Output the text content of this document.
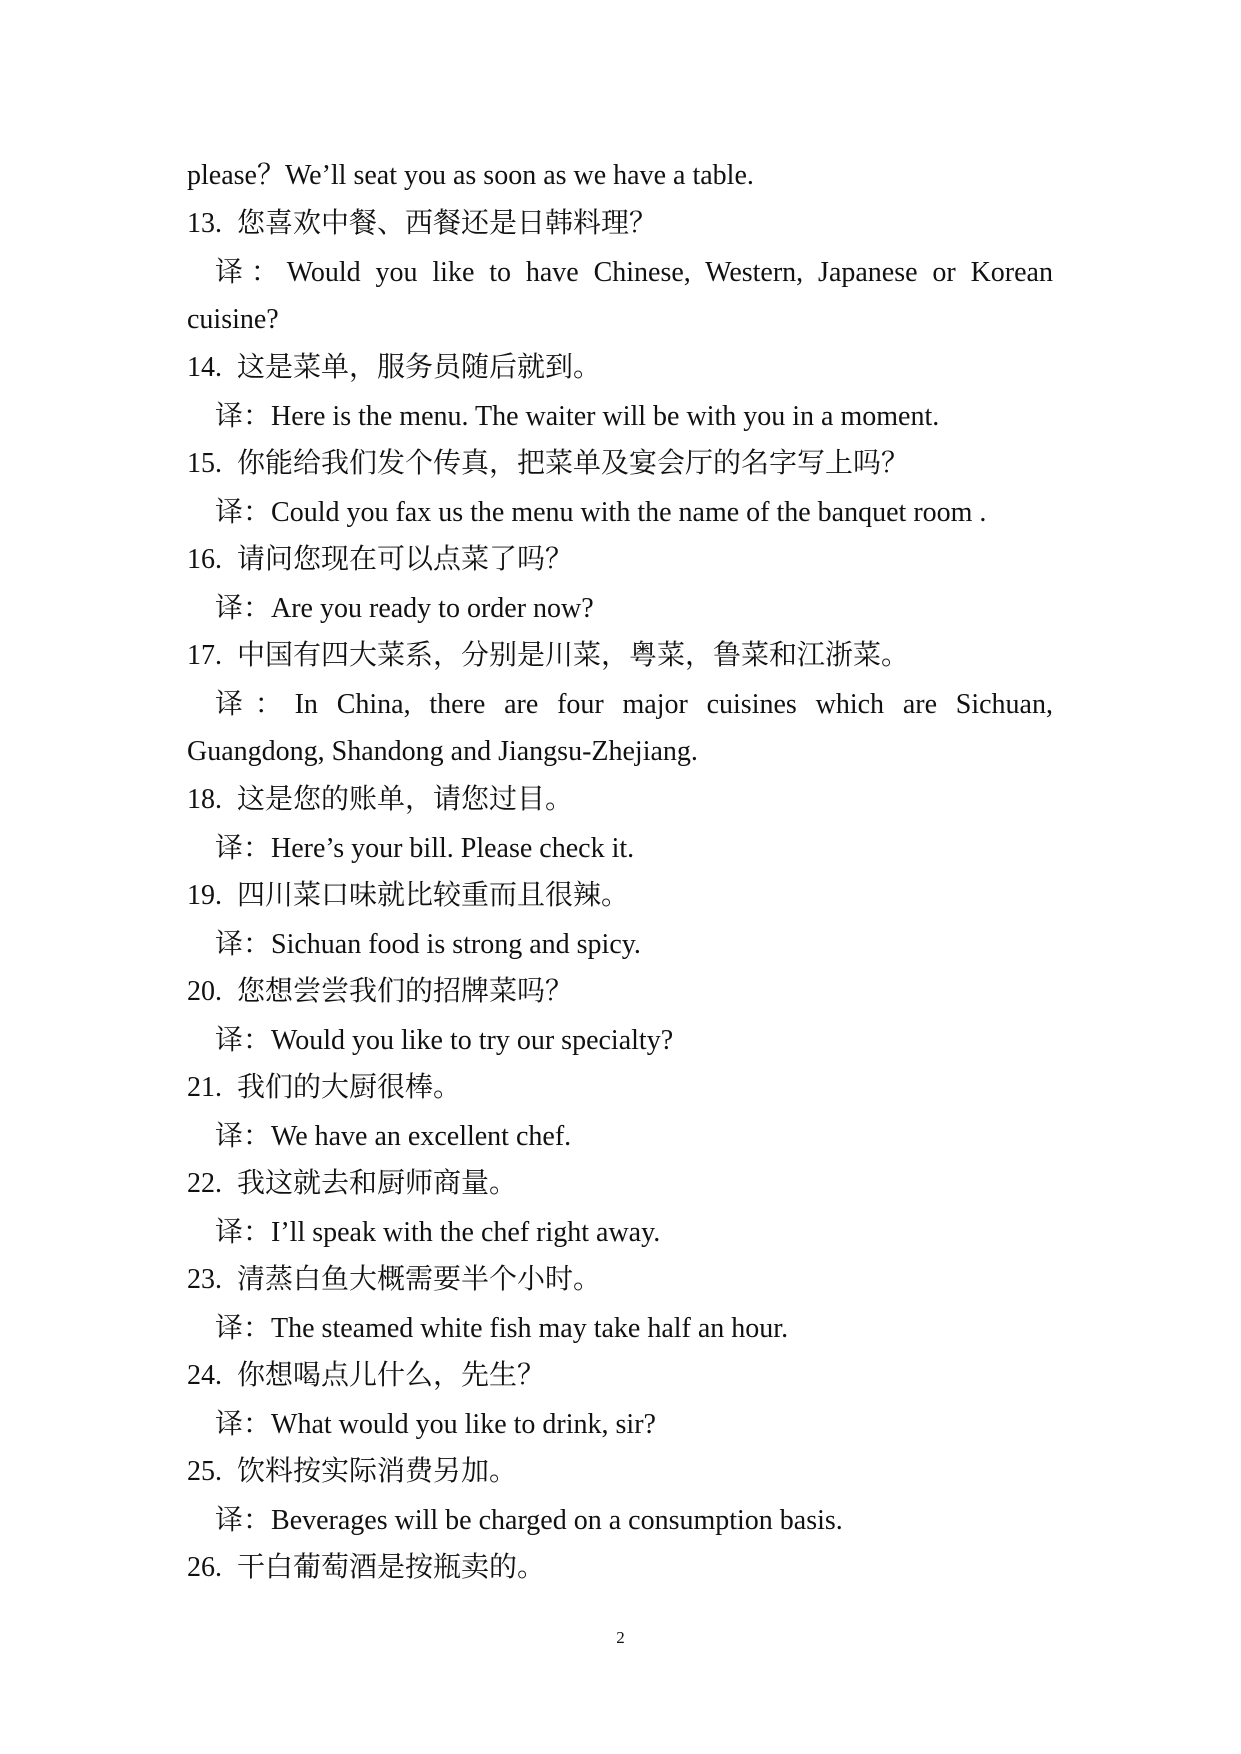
please？We’ll seat you as soon as we have a table.
13. 您喜欢中餐、西餐还是日韩料理？
译：Would you like to have Chinese, Western, Japanese or Korean
cuisine?
14. 这是菜单，服务员随后就到。
译：Here is the menu. The waiter will be with you in a moment.
15. 你能给我们发个传真，把菜单及宴会厅的名字写上吗？
译：Could you fax us the menu with the name of the banquet room .
16. 请问您现在可以点菜了吗？
译：Are you ready to order now?
17. 中国有四大菜系，分别是川菜，粤菜，鲁菜和江浙菜。
译：In China, there are four major cuisines which are Sichuan,
Guangdong, Shandong and Jiangsu-Zhejiang.
18. 这是您的账单，请您过目。
译：Here’s your bill. Please check it.
19. 四川菜口味就比较重而且很辣。
译：Sichuan food is strong and spicy.
20. 您想尝尝我们的招牌菜吗？
译：Would you like to try our specialty?
21. 我们的大厨很棒。
译：We have an excellent chef.
22. 我这就去和厨师商量。
译：I’ll speak with the chef right away.
23. 清蒸白鱼大概需要半个小时。
译：The steamed white fish may take half an hour.
24. 你想喝点儿什么，先生？
译：What would you like to drink, sir?
25. 饮料按实际消费另加。
译：Beverages will be charged on a consumption basis.
26. 干白葡萄酒是按瓶卖的。
2
